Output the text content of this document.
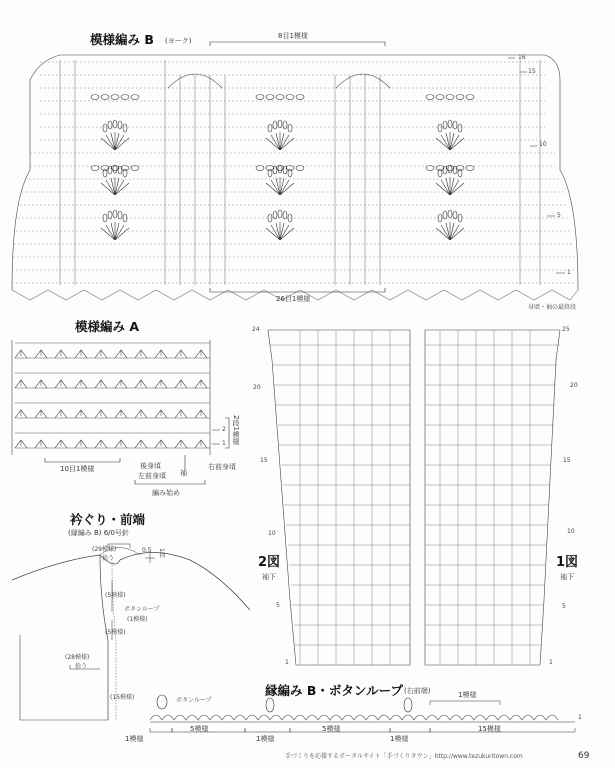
模様編み B (ヨーク)
8目1模様
26目1模様
16
15
10
5
1
身頃・袖の最終段
模様編み A
10目1模様
2
1 2段1模様
後身頃
左前身頃 袖
右前身頃
編み始め
衿ぐり・前端
(縁編み B) 6/0号針
(29模様)
拾う
0.5 1段
(5模様)
ボタンループ
(1模様)
(5模様)
(28模様)
拾う
(15模様)	ボタンループ
2図
袖下
24
20
15
10
5
1
1図
袖下
25
20
15
10
5
1
縁編み B・ボタンループ (右前端)	1模様
1
1模様
5模様
1模様
5模様
1模様
15模様
手づくりを応援するポータルサイト「手づくりタウン」http://www.tezukuritown.com	69
